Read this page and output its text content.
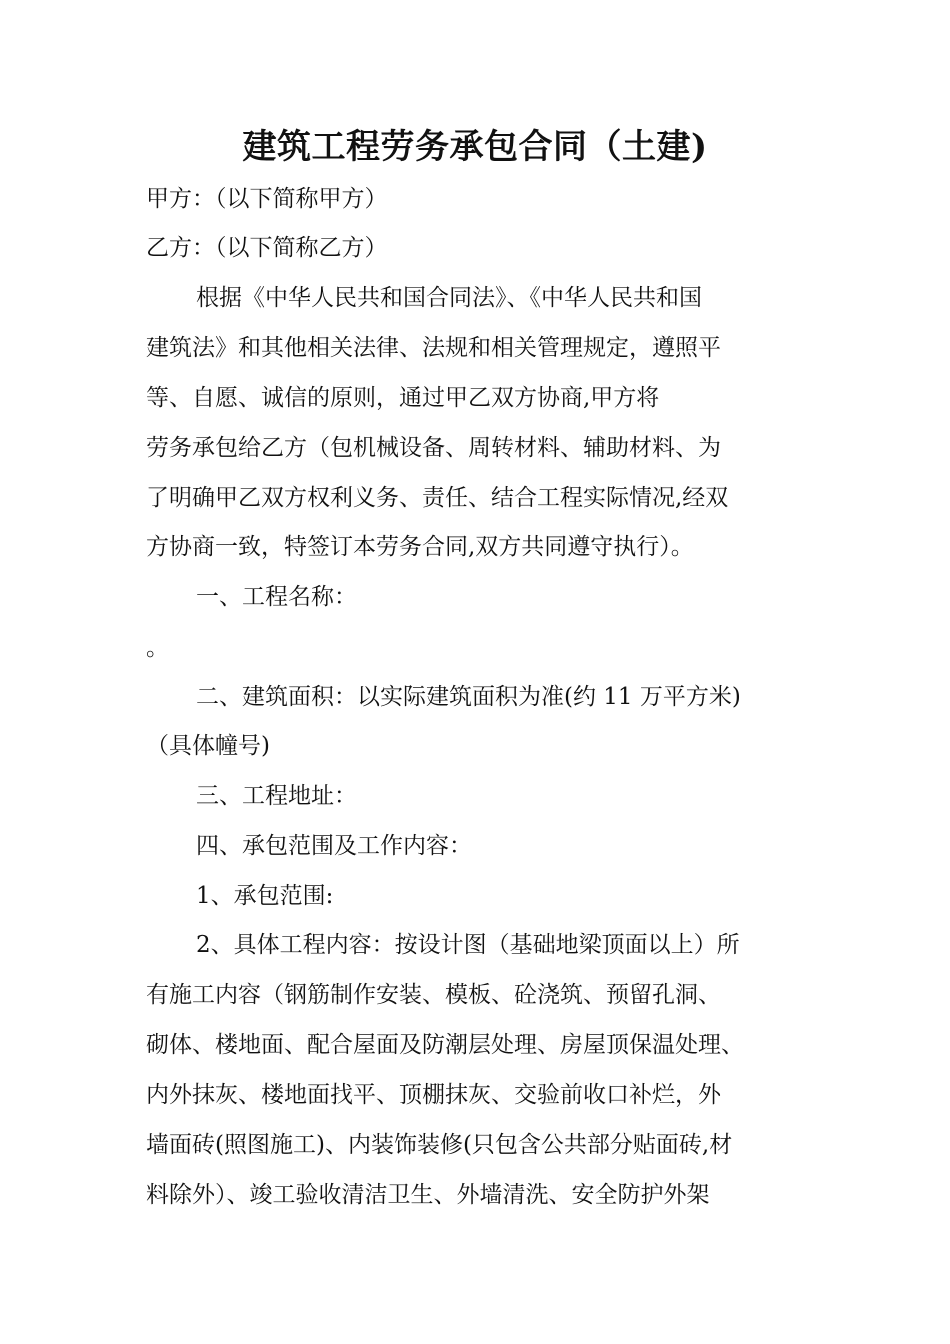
建筑工程劳务承包合同（土建)
甲方：（以下简称甲方）
乙方：（以下简称乙方）
根据《中华人民共和国合同法》、《中华人民共和国
建筑法》和其他相关法律、法规和相关管理规定，遵照平
等、自愿、诚信的原则，通过甲乙双方协商,甲方将
劳务承包给乙方（包机械设备、周转材料、辅助材料、为
了明确甲乙双方权利义务、责任、结合工程实际情况,经双
方协商一致，特签订本劳务合同,双方共同遵守执行）。
一、工程名称：
。
二、建筑面积：以实际建筑面积为准(约 11 万平方米)
（具体幢号)
三、工程地址：
四、承包范围及工作内容：
1、承包范围:
2、具体工程内容：按设计图（基础地梁顶面以上）所
有施工内容（钢筋制作安装、模板、砼浇筑、预留孔洞、
砌体、楼地面、配合屋面及防潮层处理、房屋顶保温处理、
内外抹灰、楼地面找平、顶棚抹灰、交验前收口补烂，外
墙面砖(照图施工)、内装饰装修(只包含公共部分贴面砖,材
料除外）、竣工验收清洁卫生、外墙清洗、安全防护外架
